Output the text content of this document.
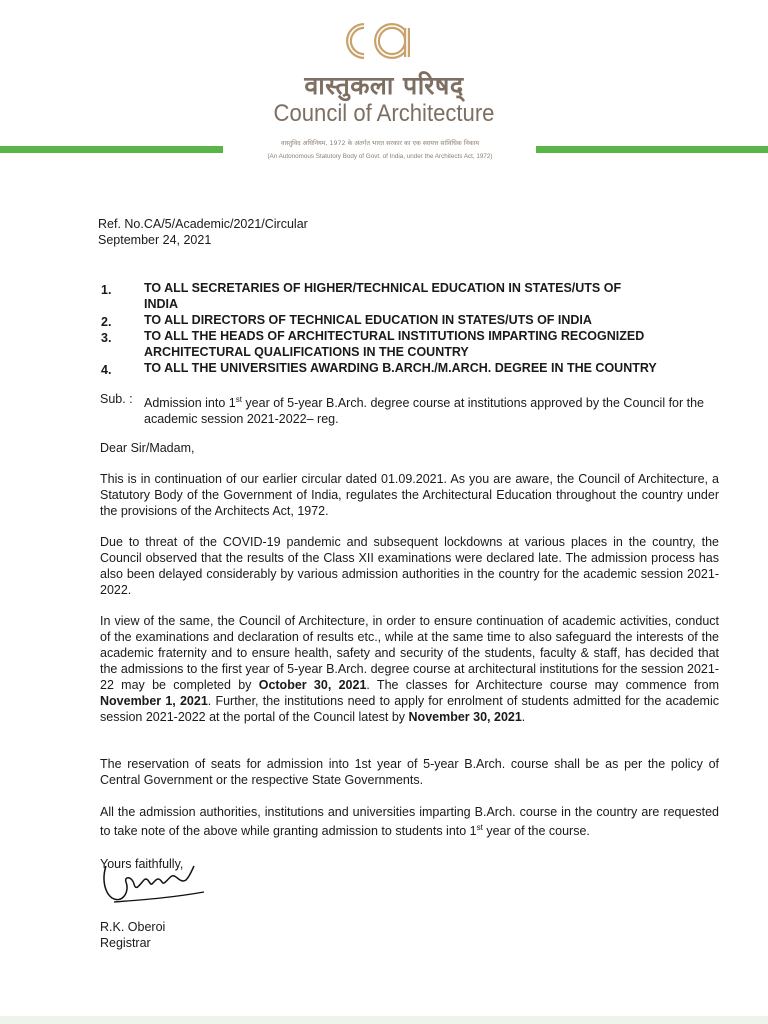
वास्तुकला परिषद्
Council of Architecture
वास्तुविद अधिनियम, 1972 के अंतर्गत भारत सरकार का एक स्वायत्त सांविधिक निकाय
(An Autonomous Statutory Body of Govt. of India, under the Architects Act, 1972)
Ref. No.CA/5/Academic/2021/Circular
September 24, 2021
1.	TO ALL SECRETARIES OF HIGHER/TECHNICAL EDUCATION IN STATES/UTS OF
INDIA
2.	TO ALL DIRECTORS OF TECHNICAL EDUCATION IN STATES/UTS OF INDIA
3.	TO ALL THE HEADS OF ARCHITECTURAL INSTITUTIONS IMPARTING RECOGNIZED
ARCHITECTURAL QUALIFICATIONS IN THE COUNTRY
4.	TO ALL THE UNIVERSITIES AWARDING B.ARCH./M.ARCH. DEGREE IN THE COUNTRY
Sub. : Admission into 1st year of 5-year B.Arch. degree course at institutions approved by the Council for the academic session 2021-2022– reg.
Dear Sir/Madam,
This is in continuation of our earlier circular dated 01.09.2021. As you are aware, the Council of Architecture, a Statutory Body of the Government of India, regulates the Architectural Education throughout the country under the provisions of the Architects Act, 1972.
Due to threat of the COVID-19 pandemic and subsequent lockdowns at various places in the country, the Council observed that the results of the Class XII examinations were declared late. The admission process has also been delayed considerably by various admission authorities in the country for the academic session 2021-2022.
In view of the same, the Council of Architecture, in order to ensure continuation of academic activities, conduct of the examinations and declaration of results etc., while at the same time to also safeguard the interests of the academic fraternity and to ensure health, safety and security of the students, faculty & staff, has decided that the admissions to the first year of 5-year B.Arch. degree course at architectural institutions for the session 2021-22 may be completed by October 30, 2021. The classes for Architecture course may commence from November 1, 2021. Further, the institutions need to apply for enrolment of students admitted for the academic session 2021-2022 at the portal of the Council latest by November 30, 2021.
The reservation of seats for admission into 1st year of 5-year B.Arch. course shall be as per the policy of Central Government or the respective State Governments.
All the admission authorities, institutions and universities imparting B.Arch. course in the country are requested to take note of the above while granting admission to students into 1st year of the course.
Yours faithfully,
R.K. Oberoi
Registrar
